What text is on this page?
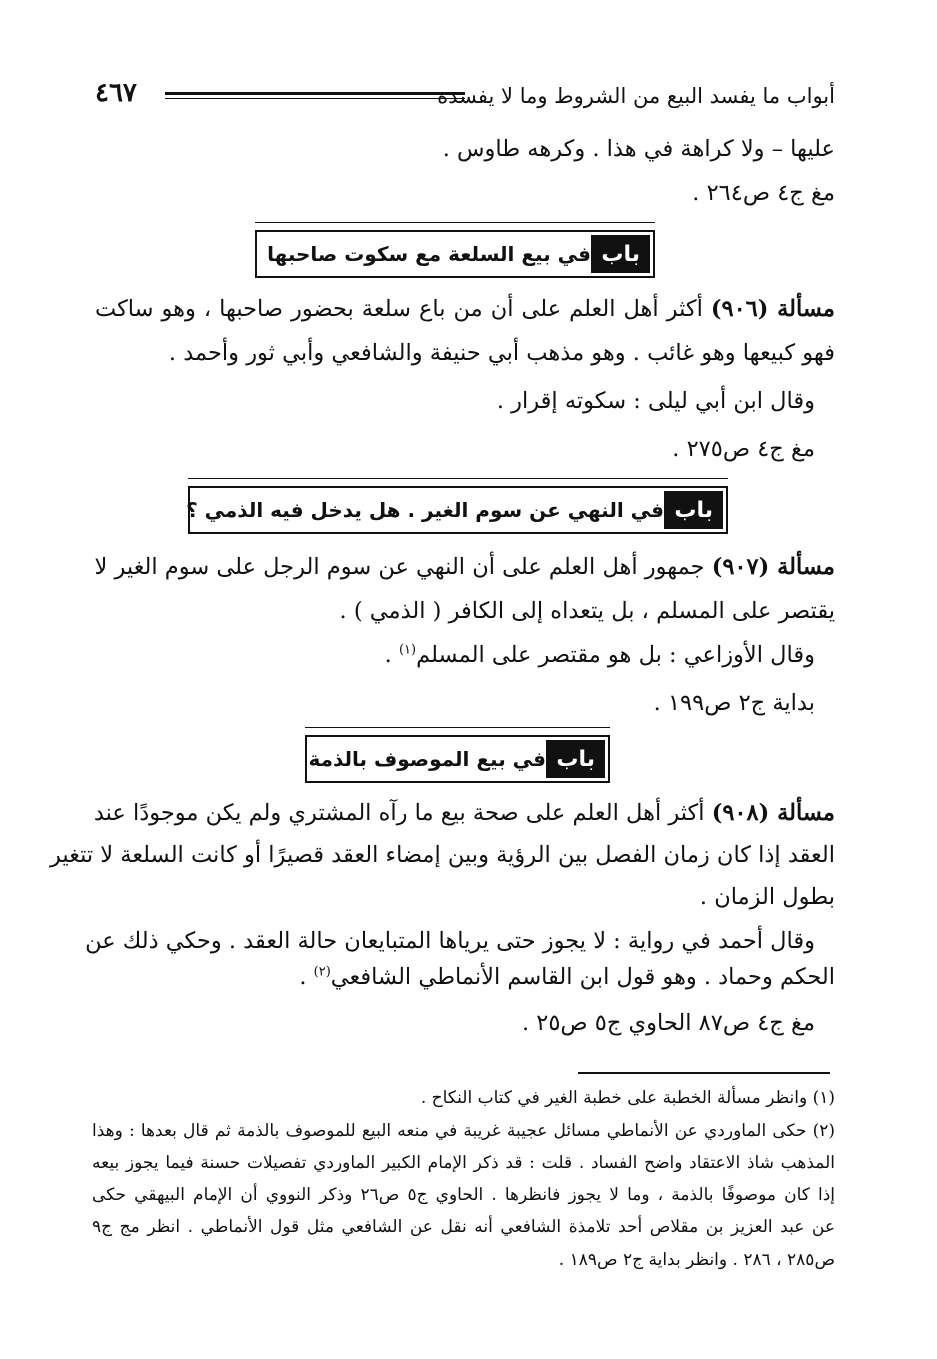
أبواب ما يفسد البيع من الشروط وما لا يفسده
٤٦٧
عليها – ولا كراهة في هذا . وكرهه طاوس .
مغ ج٤ ص٢٦٤ .
باب
في بيع السلعة مع سكوت صاحبها
مسألة (٩٠٦) أكثر أهل العلم على أن من باع سلعة بحضور صاحبها ، وهو ساكت
فهو كبيعها وهو غائب . وهو مذهب أبي حنيفة والشافعي وأبي ثور وأحمد .
وقال ابن أبي ليلى : سكوته إقرار .
مغ ج٤ ص٢٧٥ .
باب
في النهي عن سوم الغير . هل يدخل فيه الذمي ؟
مسألة (٩٠٧) جمهور أهل العلم على أن النهي عن سوم الرجل على سوم الغير لا
يقتصر على المسلم ، بل يتعداه إلى الكافر ( الذمي ) .
وقال الأوزاعي : بل هو مقتصر على المسلم$^{(١)}$ .
بداية ج٢ ص١٩٩ .
باب
في بيع الموصوف بالذمة
مسألة (٩٠٨) أكثر أهل العلم على صحة بيع ما رآه المشتري ولم يكن موجودًا عند
العقد إذا كان زمان الفصل بين الرؤية وبين إمضاء العقد قصيرًا أو كانت السلعة لا تتغير
بطول الزمان .
وقال أحمد في رواية : لا يجوز حتى يرياها المتبايعان حالة العقد . وحكي ذلك عن
الحكم وحماد . وهو قول ابن القاسم الأنماطي الشافعي$^{(٢)}$ .
مغ ج٤ ص٨٧ الحاوي ج٥ ص٢٥ .
(١) وانظر مسألة الخطبة على خطبة الغير في كتاب النكاح .
(٢) حكى الماوردي عن الأنماطي مسائل عجيبة غريبة في منعه البيع للموصوف بالذمة ثم قال بعدها : وهذا
المذهب شاذ الاعتقاد واضح الفساد . قلت : قد ذكر الإمام الكبير الماوردي تفصيلات حسنة فيما يجوز بيعه
إذا كان موصوفًا بالذمة ، وما لا يجوز فانظرها . الحاوي ج٥ ص٢٦ وذكر النووي أن الإمام البيهقي حكى
عن عبد العزيز بن مقلاص أحد تلامذة الشافعي أنه نقل عن الشافعي مثل قول الأنماطي . انظر مج ج٩
ص٢٨٥ ، ٢٨٦ . وانظر بداية ج٢ ص١٨٩ .
